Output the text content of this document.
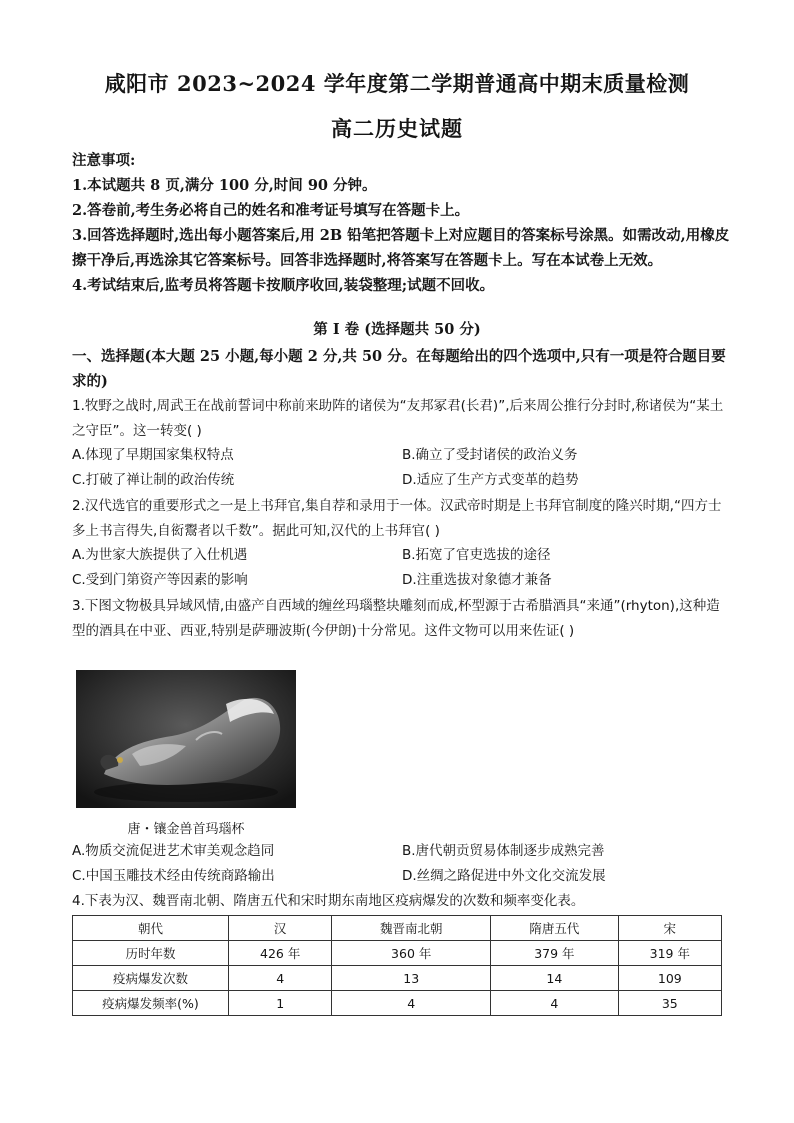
咸阳市 2023~2024 学年度第二学期普通高中期末质量检测
高二历史试题

注意事项:

1.本试题共 8 页,满分 100 分,时间 90 分钟。

2.答卷前,考生务必将自己的姓名和准考证号填写在答题卡上。

3.回答选择题时,选出每小题答案后,用 2B 铅笔把答题卡上对应题目的答案标号涂黑。如需改动,用橡皮擦干净后,再选涂其它答案标号。回答非选择题时,将答案写在答题卡上。写在本试卷上无效。

4.考试结束后,监考员将答题卡按顺序收回,装袋整理;试题不回收。

第 I 卷 (选择题共 50 分)

一、选择题(本大题 25 小题,每小题 2 分,共 50 分。在每题给出的四个选项中,只有一项是符合题目要求的)

1.牧野之战时,周武王在战前誓词中称前来助阵的诸侯为“友邦冢君(长君)”,后来周公推行分封时,称诸侯为“某土之守臣”。这一转变( )

A.体现了早期国家集权特点	B.确立了受封诸侯的政治义务
C.打破了禅让制的政治传统	D.适应了生产方式变革的趋势

2.汉代选官的重要形式之一是上书拜官,集自荐和录用于一体。汉武帝时期是上书拜官制度的隆兴时期,“四方士多上书言得失,自衒鬻者以千数”。据此可知,汉代的上书拜官( )

A.为世家大族提供了入仕机遇	B.拓宽了官吏选拔的途径
C.受到门第资产等因素的影响	D.注重选拔对象德才兼备

3.下图文物极具异域风情,由盛产自西域的缠丝玛瑙整块雕刻而成,杯型源于古希腊酒具“来通”(rhyton),这种造型的酒具在中亚、西亚,特别是萨珊波斯(今伊朗)十分常见。这件文物可以用来佐证( )

唐・镶金兽首玛瑙杯
A.物质交流促进艺术审美观念趋同	B.唐代朝贡贸易体制逐步成熟完善
C.中国玉雕技术经由传统商路输出	D.丝绸之路促进中外文化交流发展

4.下表为汉、魏晋南北朝、隋唐五代和宋时期东南地区疫病爆发的次数和频率变化表。

朝代	汉	魏晋南北朝	隋唐五代	宋
历时年数	426 年	360 年	379 年	319 年
疫病爆发次数	4	13	14	109
疫病爆发频率(%)	1	4	4	35
